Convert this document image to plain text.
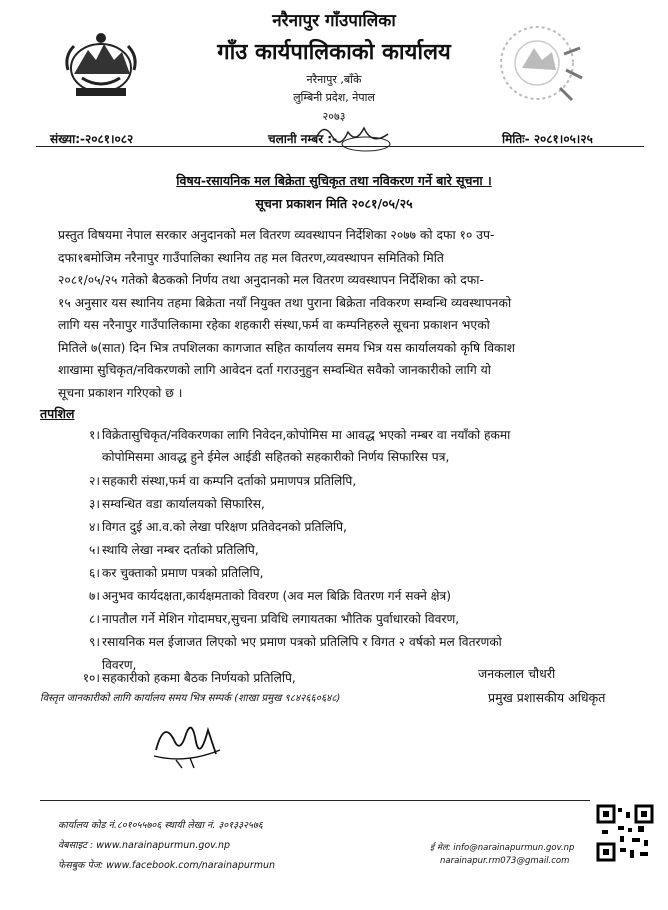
नरैनापुर गाँउपालिका
गाँउ कार्यपालिकाको कार्यालय
नरैनापुर ,बाँके
लुम्बिनी प्रदेश, नेपाल
२०७३
संख्या:-२०८१।०८२	चलानी नम्बर :-	मितिः- २०८१।०५।२५
विषय-रसायनिक मल बिक्रेता सुचिकृत तथा नविकरण गर्ने बारे सूचना ।
सूचना प्रकाशन मिति २०८१/०५/२५
प्रस्तुत विषयमा नेपाल सरकार अनुदानको मल वितरण व्यवस्थापन निर्देशिका २०७७ को दफा १० उप-
दफा१बमोजिम नरैनापुर गाउँपालिका स्थानिय तह मल वितरण,व्यवस्थापन समितिको मिति
२०८१/०५/२५ गतेको बैठकको निर्णय तथा अनुदानको मल वितरण व्यवस्थापन निर्देशिका को दफा-
१५ अनुसार यस स्थानिय तहमा बिक्रेता नयाँ नियुक्त तथा पुराना बिक्रेता नविकरण सम्वन्धि व्यवस्थापनको
लागि यस नरैनापुर गाउँपालिकामा रहेका शहकारी संस्था,फर्म वा कम्पनिहरुले सूचना प्रकाशन भएको
मितिले ७(सात) दिन भित्र तपशिलका कागजात सहित कार्यालय समय भित्र यस कार्यालयको कृषि विकाश
शाखामा सुचिकृत/नविकरणको लागि आवेदन दर्ता गराउनुहुन सम्वन्धित सवैको जानकारीको लागि यो
सूचना प्रकाशन गरिएको छ ।
तपशिल
१। विक्रेतासुचिकृत/नविकरणका लागि निवेदन,कोपोमिस मा आवद्ध भएको नम्बर वा नयाँको हकमा
कोपोमिसमा आवद्ध हुने ईमेल आईडी सहितको सहकारीको निर्णय सिफारिस पत्र,
२। सहकारी संस्था,फर्म वा कम्पनि दर्ताको प्रमाणपत्र प्रतिलिपि,
३। सम्वन्धित वडा कार्यालयको सिफारिस,
४। विगत दुई आ.व.को लेखा परिक्षण प्रतिवेदनको प्रतिलिपि,
५। स्थायि लेखा नम्बर दर्ताको प्रतिलिपि,
६। कर चुक्ताको प्रमाण पत्रको प्रतिलिपि,
७। अनुभव कार्यदक्षता,कार्यक्षमताको विवरण (अव मल बिक्रि वितरण गर्न सक्ने क्षेत्र)
८। नापतौल गर्ने मेशिन गोदामघर,सुचना प्रविधि लगायतका भौतिक पुर्वाधारको विवरण,
९। रसायनिक मल ईजाजत लिएको भए प्रमाण पत्रको प्रतिलिपि र विगत २ वर्षको मल वितरणको
विवरण,
१०। सहकारीको हकमा बैठक निर्णयको प्रतिलिपि,	जनकलाल चौधरी
प्रमुख प्रशासकीय अधिकृत
विस्तृत जानकारीको लागि कार्यालय समय भित्र सम्पर्क (शाखा प्रमुख ९८४२६६०६४८)
कार्यालय कोड नं.८०१०५५७०६ स्थायी लेखा नं. ३०१३३२५७६
वेबसाइट : www.narainapurmun.gov.np
फेसबुक पेज: www.facebook.com/narainapurmun
ई मेल: info@narainapurmun.gov.np
narainapur.rm073@gmail.com
